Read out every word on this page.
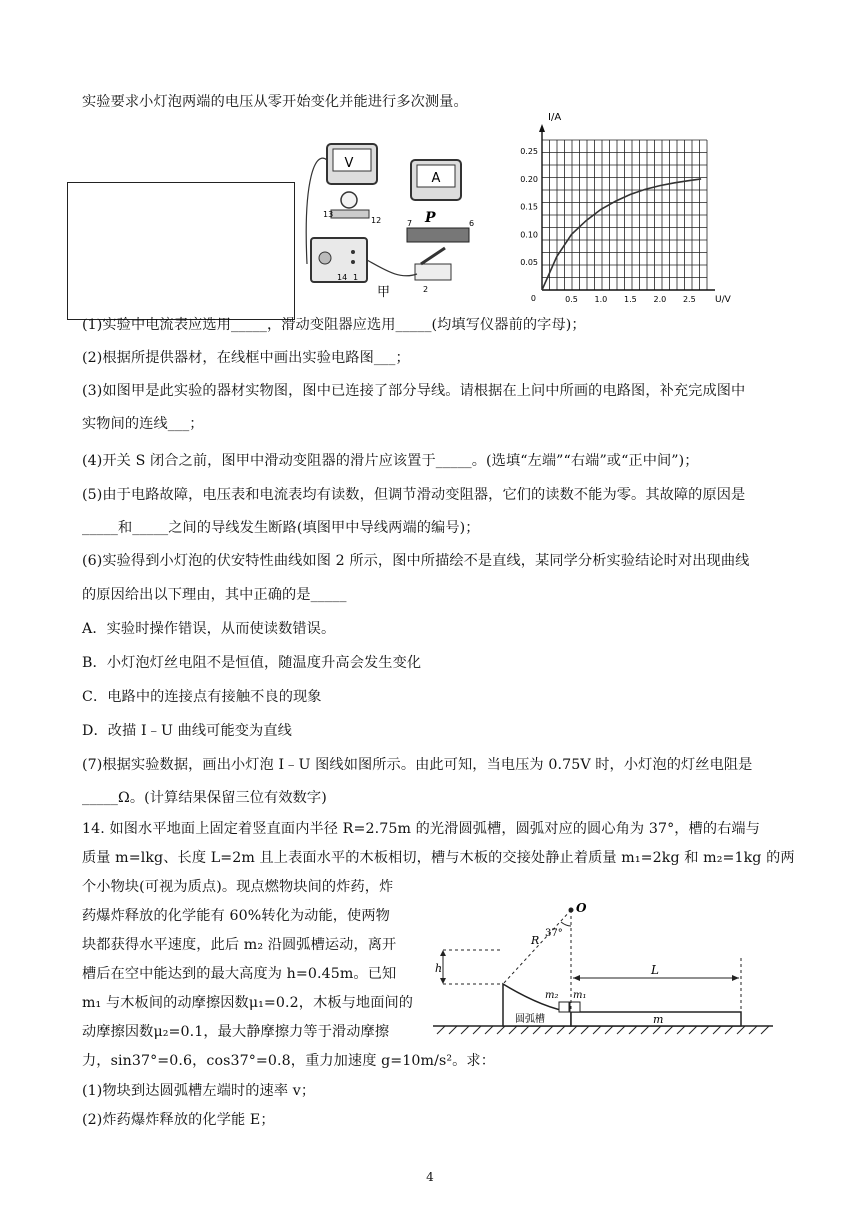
实验要求小灯泡两端的电压从零开始变化并能进行多次测量。
V
A
13
12
14 1
P
7	6
2
甲	0.5 1.0 1.5 2.0 2.5
0.05
0.10
0.15
0.20
0.25
0	U/V
I/A
(1)实验中电流表应选用_____，滑动变阻器应选用_____(均填写仪器前的字母)；
(2)根据所提供器材，在线框中画出实验电路图___；
(3)如图甲是此实验的器材实物图，图中已连接了部分导线。请根据在上问中所画的电路图，补充完成图中
实物间的连线___；
(4)开关 S 闭合之前，图甲中滑动变阻器的滑片应该置于_____。(选填“左端”“右端”或“正中间”)；
(5)由于电路故障，电压表和电流表均有读数，但调节滑动变阻器，它们的读数不能为零。其故障的原因是
_____和_____之间的导线发生断路(填图甲中导线两端的编号)；
(6)实验得到小灯泡的伏安特性曲线如图 2 所示，图中所描绘不是直线，某同学分析实验结论时对出现曲线
的原因给出以下理由，其中正确的是_____
A．实验时操作错误，从而使读数错误。
B．小灯泡灯丝电阻不是恒值，随温度升高会发生变化
C．电路中的连接点有接触不良的现象
D．改描 I﹣U 曲线可能变为直线
(7)根据实验数据，画出小灯泡 I﹣U 图线如图所示。由此可知，当电压为 0.75V 时，小灯泡的灯丝电阻是
_____Ω。(计算结果保留三位有效数字)
14. 如图水平地面上固定着竖直面内半径 R=2.75m 的光滑圆弧槽，圆弧对应的圆心角为 37°，槽的右端与
质量 m=lkg、长度 L=2m 且上表面水平的木板相切，槽与木板的交接处静止着质量 m₁=2kg 和 m₂=1kg 的两
个小物块(可视为质点)。现点燃物块间的炸药，炸
药爆炸释放的化学能有 60%转化为动能，使两物
块都获得水平速度，此后 m₂ 沿圆弧槽运动，离开
槽后在空中能达到的最大高度为 h=0.45m。已知
m₁ 与木板间的动摩擦因数μ₁=0.2，木板与地面间的
动摩擦因数μ₂=0.1，最大静摩擦力等于滑动摩擦
力，sin37°=0.6，cos37°=0.8，重力加速度 g=10m/s²。求：
(1)物块到达圆弧槽左端时的速率 v；
(2)炸药爆炸释放的化学能 E；
圆弧槽	m
m₂ m₁
O
R
37°
h	L
4
